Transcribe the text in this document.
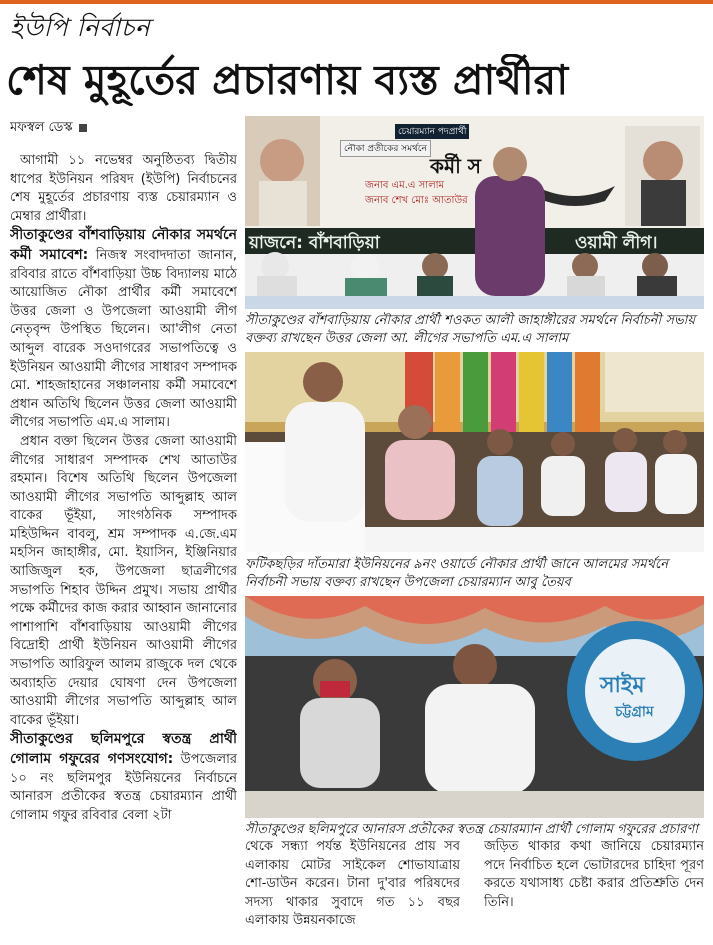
ইউপি নির্বাচন
শেষ মুহূর্তের প্রচারণায় ব্যস্ত প্রার্থীরা
মফস্বল ডেস্ক

আগামী ১১ নভেম্বর অনুষ্ঠিতব্য দ্বিতীয় ধাপের ইউনিয়ন পরিষদ (ইউপি) নির্বাচনের শেষ মুহূর্তের প্রচারণায় ব্যস্ত চেয়ারম্যান ও মেম্বার প্রার্থীরা।

সীতাকুণ্ডের বাঁশবাড়িয়ায় নৌকার সমর্থনে কর্মী সমাবেশ: নিজস্ব সংবাদদাতা জানান, রবিবার রাতে বাঁশবাড়িয়া উচ্চ বিদ্যালয় মাঠে আয়োজিত নৌকা প্রার্থীর কর্মী সমাবেশে উত্তর জেলা ও উপজেলা আওয়ামী লীগ নেতৃবৃন্দ উপস্থিত ছিলেন। আ'লীগ নেতা আব্দুল বারেক সওদাগরের সভাপতিত্বে ও ইউনিয়ন আওয়ামী লীগের সাধারণ সম্পাদক মো. শাহজাহানের সঞ্চালনায় কর্মী সমাবেশে প্রধান অতিথি ছিলেন উত্তর জেলা আওয়ামী লীগের সভাপতি এম.এ সালাম।

প্রধান বক্তা ছিলেন উত্তর জেলা আওয়ামী লীগের সাধারণ সম্পাদক শেখ আতাউর রহমান। বিশেষ অতিথি ছিলেন উপজেলা আওয়ামী লীগের সভাপতি আব্দুল্লাহ আল বাকের ভূঁইয়া, সাংগঠনিক সম্পাদক মহিউদ্দিন বাবলু, শ্রম সম্পাদক এ.জে.এম মহসিন জাহাঙ্গীর, মো. ইয়াসিন, ইঞ্জিনিয়ার আজিজুল হক, উপজেলা ছাত্রলীগের সভাপতি শিহাব উদ্দিন প্রমুখ। সভায় প্রার্থীর পক্ষে কর্মীদের কাজ করার আহ্বান জানানোর পাশাপাশি বাঁশবাড়িয়ায় আওয়ামী লীগের বিদ্রোহী প্রার্থী ইউনিয়ন আওয়ামী লীগের সভাপতি আরিফুল আলম রাজুকে দল থেকে অব্যাহতি দেয়ার ঘোষণা দেন উপজেলা আওয়ামী লীগের সভাপতি আব্দুল্লাহ আল বাকের ভূঁইয়া।

সীতাকুণ্ডের ছলিমপুরে স্বতন্ত্র প্রার্থী গোলাম গফুরের গণসংযোগ: উপজেলার ১০ নং ছলিমপুর ইউনিয়নের নির্বাচনে আনারস প্রতীকের স্বতন্ত্র চেয়ারম্যান প্রার্থী গোলাম গফুর রবিবার বেলা ২টা

চেয়ারম্যান পদপ্রার্থী
নৌকা প্রতীকের সমর্থনে
কর্মী স
জনাব এম.এ সালাম
জনাব শেখ মোঃ আতাউর
য়াজনে: বাঁশবাড়িয়া	ওয়ামী লীগ।
সীতাকুণ্ডের বাঁশবাড়িয়ায় নৌকার প্রার্থী শওকত আলী জাহাঙ্গীরের সমর্থনে নির্বাচনী সভায় বক্তব্য রাখছেন উত্তর জেলা আ. লীগের সভাপতি এম.এ সালাম
ফটিকছড়ির দাঁতমারা ইউনিয়নের ৯নং ওয়ার্ডে নৌকার প্রার্থী জানে আলমের সমর্থনে নির্বাচনী সভায় বক্তব্য রাখছেন উপজেলা চেয়ারম্যান আবু তৈয়ব
সাইম
চট্টগ্রাম
সীতাকুণ্ডের ছলিমপুরে আনারস প্রতীকের স্বতন্ত্র চেয়ারম্যান প্রার্থী গোলাম গফুরের প্রচারণা
থেকে সন্ধ্যা পর্যন্ত ইউনিয়নের প্রায় সব এলাকায় মোটর সাইকেল শোভাযাত্রায় শো-ডাউন করেন। টানা দু'বার পরিষদের সদস্য থাকার সুবাদে গত ১১ বছর এলাকায় উন্নয়নকাজে
জড়িত থাকার কথা জানিয়ে চেয়ারম্যান পদে নির্বাচিত হলে ভোটারদের চাহিদা পূরণ করতে যথাসাধ্য চেষ্টা করার প্রতিশ্রুতি দেন তিনি।
